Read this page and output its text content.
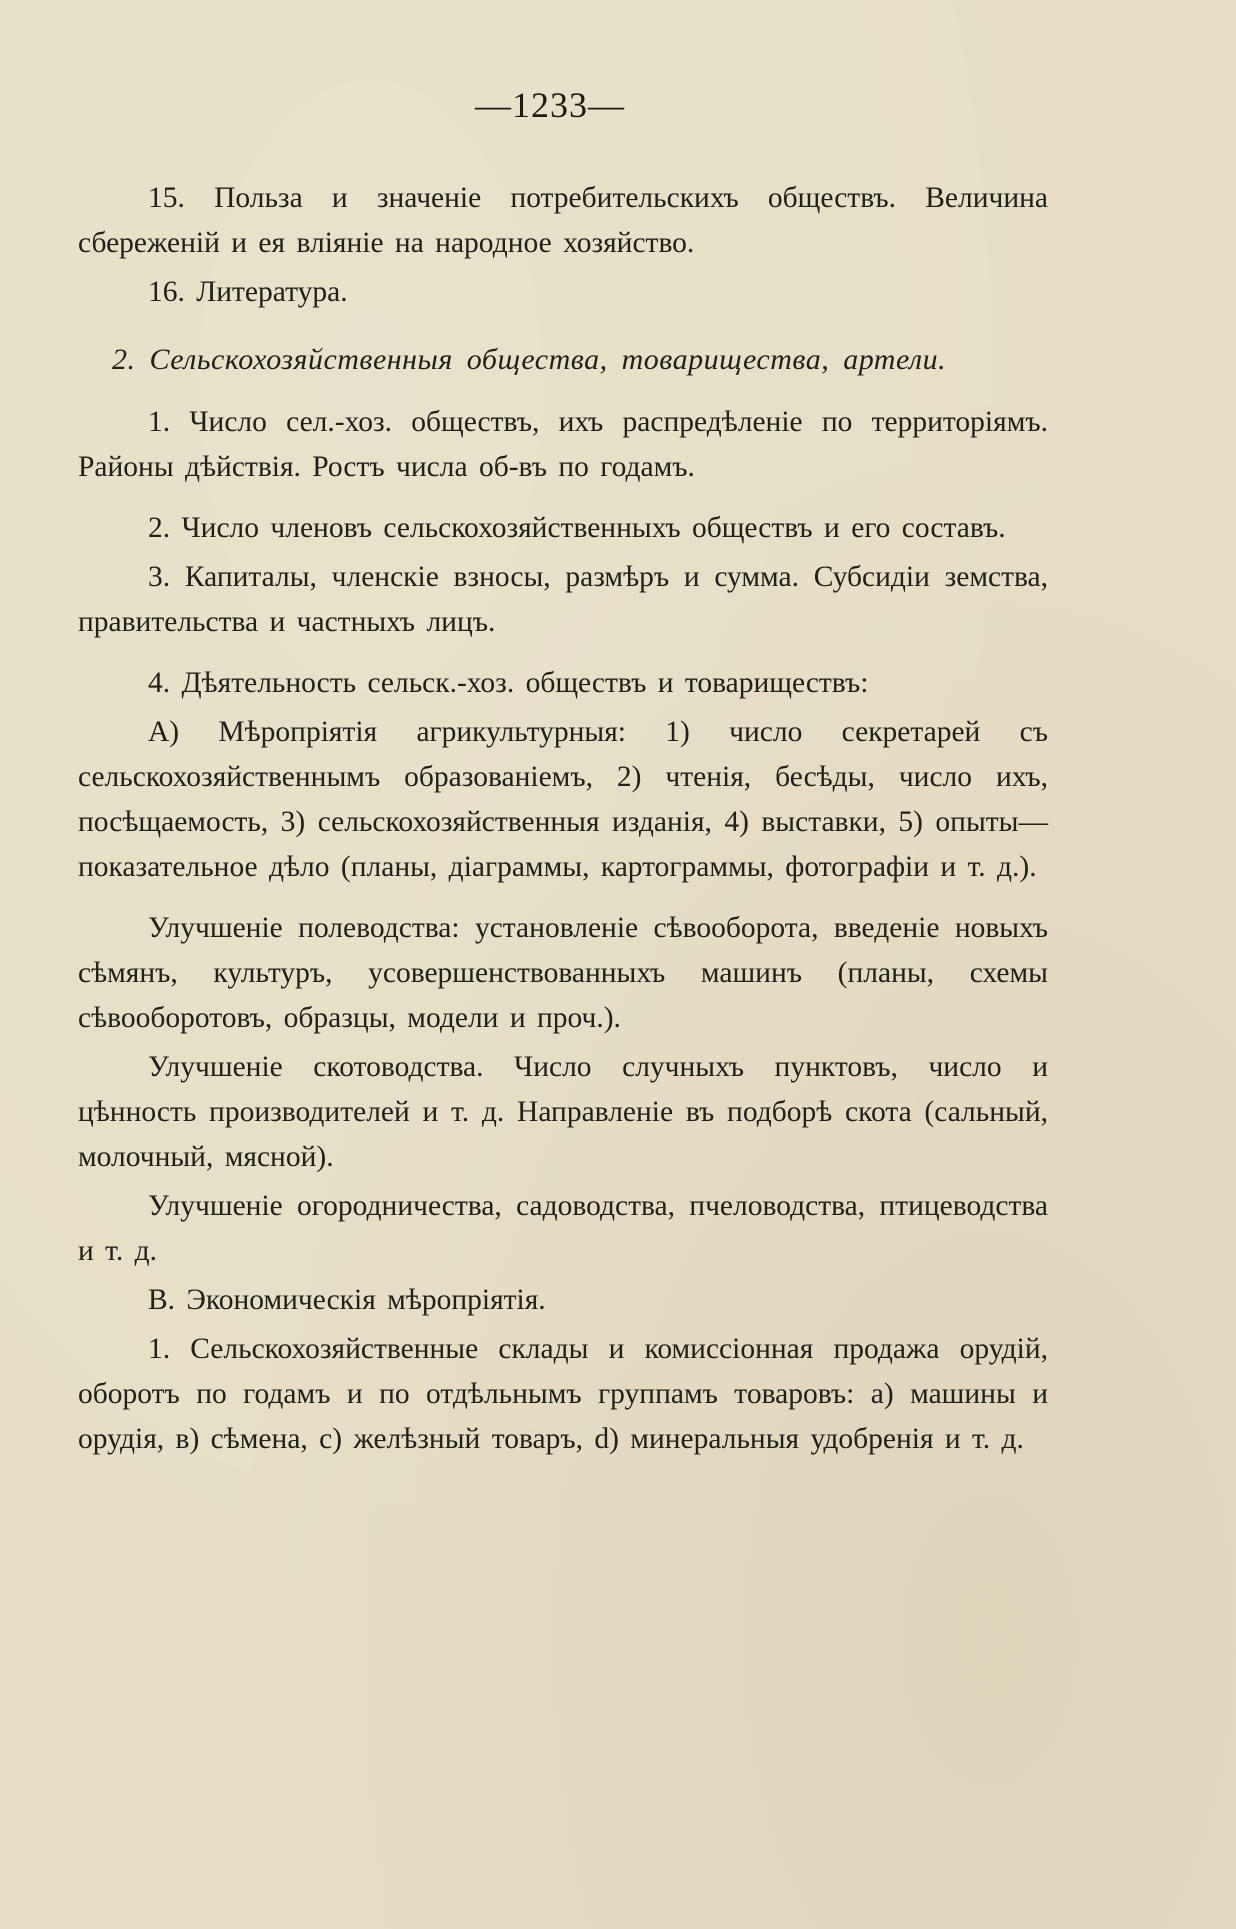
—1233—

15. Польза и значенiе потребительскихъ обществъ. Величина сбереженiй и ея влiянiе на народное хозяйство.

16. Литература.

2. Сельскохозяйственныя общества, товарищества, артели.

1. Число сел.-хоз. обществъ, ихъ распредѣленiе по территорiямъ. Районы дѣйствiя. Ростъ числа об-въ по годамъ.

2. Число членовъ сельскохозяйственныхъ обществъ и его составъ.

3. Капиталы, членскiе взносы, размѣръ и сумма. Субсидiи земства, правительства и частныхъ лицъ.

4. Дѣятельность сельск.-хоз. обществъ и товариществъ:

А) Мѣропрiятiя агрикультурныя: 1) число секретарей съ сельскохозяйственнымъ образованiемъ, 2) чтенiя, бесѣды, число ихъ, посѣщаемость, 3) сельскохозяйственныя изданiя, 4) выставки, 5) опыты—показательное дѣло (планы, дiаграммы, картограммы, фотографiи и т. д.).

Улучшенiе полеводства: установленiе сѣвооборота, введенiе новыхъ сѣмянъ, культуръ, усовершенствованныхъ машинъ (планы, схемы сѣвооборотовъ, образцы, модели и проч.).

Улучшенiе скотоводства. Число случныхъ пунктовъ, число и цѣнность производителей и т. д. Направленiе въ подборѣ скота (сальный, молочный, мясной).

Улучшенiе огородничества, садоводства, пчеловодства, птицеводства и т. д.

В. Экономическiя мѣропрiятiя.

1. Сельскохозяйственные склады и комиссiонная продажа орудiй, оборотъ по годамъ и по отдѣльнымъ группамъ товаровъ: а) машины и орудiя, в) сѣмена, с) желѣзный товаръ, d) минеральныя удобренiя и т. д.
